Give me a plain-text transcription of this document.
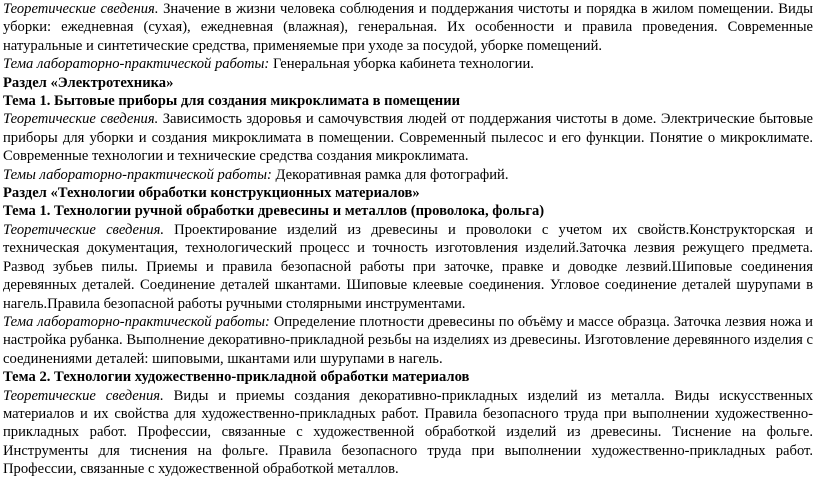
Теоретические сведения. Значение в жизни человека соблюдения и поддержания чистоты и порядка в жилом помещении. Виды уборки: ежедневная (сухая), ежедневная (влажная), генеральная. Их особенности и правила проведения. Современные натуральные и синтетические средства, применяемые при уходе за посудой, уборке помещений.

Тема лабораторно-практической работы: Генеральная уборка кабинета технологии.

Раздел «Электротехника»

Тема 1. Бытовые приборы для создания микроклимата в помещении

Теоретические сведения. Зависимость здоровья и самочувствия людей от поддержания чистоты в доме. Электрические бытовые приборы для уборки и создания микроклимата в помещении. Современный пылесос и его функции. Понятие о микроклимате. Современные технологии и технические средства создания микроклимата.

Темы лабораторно-практической работы: Декоративная рамка для фотографий.

Раздел «Технологии обработки конструкционных материалов»

Тема 1. Технологии ручной обработки древесины и металлов (проволока, фольга)

Теоретические сведения. Проектирование изделий из древесины и проволоки с учетом их свойств.Конструкторская и техническая документация, технологический процесс и точность изготовления изделий.Заточка лезвия режущего предмета. Развод зубьев пилы. Приемы и правила безопасной работы при заточке, правке и доводке лезвий.Шиповые соединения деревянных деталей. Соединение деталей шкантами. Шиповые клеевые соединения. Угловое соединение деталей шурупами в нагель.Правила безопасной работы ручными столярными инструментами.

Тема лабораторно-практической работы: Определение плотности древесины по объёму и массе образца. Заточка лезвия ножа и настройка рубанка. Выполнение декоративно-прикладной резьбы на изделиях из древесины. Изготовление деревянного изделия с соединениями деталей: шиповыми, шкантами или шурупами в нагель.

Тема 2. Технологии художественно-прикладной обработки материалов

Теоретические сведения. Виды и приемы создания декоративно-прикладных изделий из металла. Виды искусственных материалов и их свойства для художественно-прикладных работ. Правила безопасного труда при выполнении художественно-прикладных работ. Профессии, связанные с художественной обработкой изделий из древесины. Тиснение на фольге. Инструменты для тиснения на фольге. Правила безопасного труда при выполнении художественно-прикладных работ. Профессии, связанные с художественной обработкой металлов.
